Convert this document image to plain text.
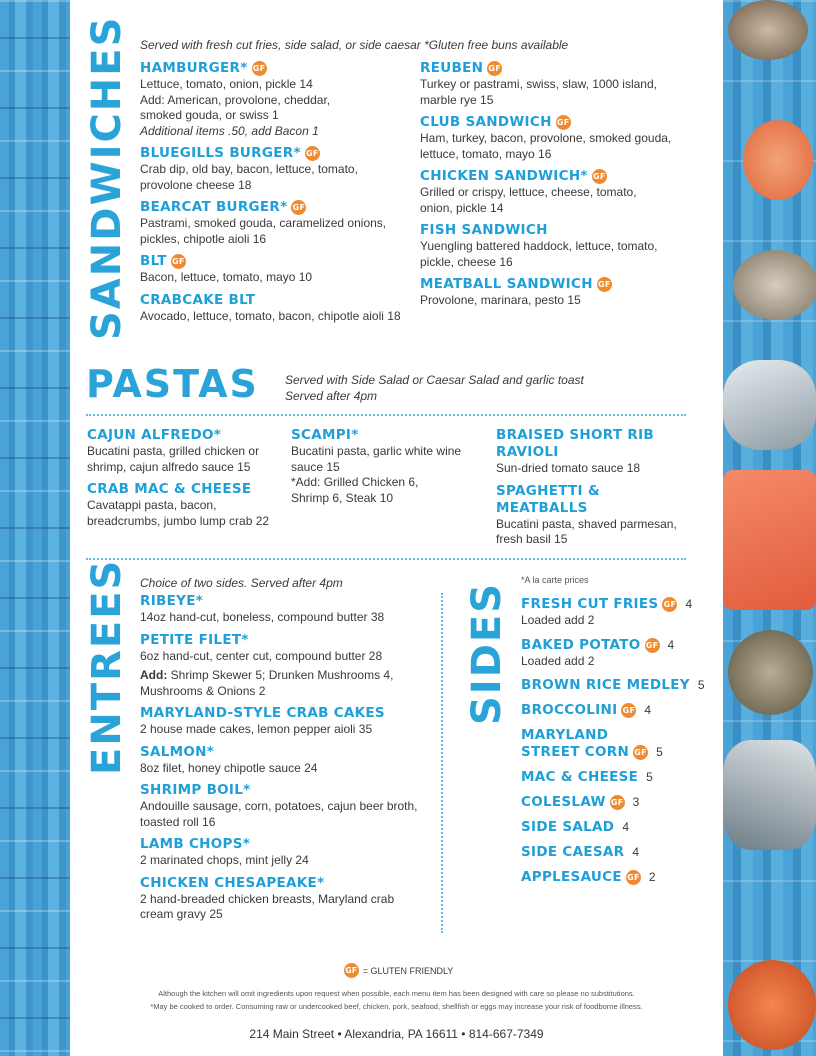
SANDWICHES Served with fresh cut fries, side salad, or side caesar *Gluten free buns available
HAMBURGER* GF
Lettuce, tomato, onion, pickle 14
Add: American, provolone, cheddar,
smoked gouda, or swiss 1
Additional items .50, add Bacon 1
BLUEGILLS BURGER* GF
Crab dip, old bay, bacon, lettuce, tomato,
provolone cheese 18
BEARCAT BURGER* GF
Pastrami, smoked gouda, caramelized onions,
pickles, chipotle aioli 16
BLT GF
Bacon, lettuce, tomato, mayo 10
CRABCAKE BLT
Avocado, lettuce, tomato, bacon, chipotle aioli 18
REUBEN GF
Turkey or pastrami, swiss, slaw, 1000 island,
marble rye 15
CLUB SANDWICH GF
Ham, turkey, bacon, provolone, smoked gouda,
lettuce, tomato, mayo 16
CHICKEN SANDWICH* GF
Grilled or crispy, lettuce, cheese, tomato,
onion, pickle 14
FISH SANDWICH
Yuengling battered haddock, lettuce, tomato,
pickle, cheese 16
MEATBALL SANDWICH GF
Provolone, marinara, pesto 15
PASTAS Served with Side Salad or Caesar Salad and garlic toast
Served after 4pm
CAJUN ALFREDO*
Bucatini pasta, grilled chicken or
shrimp, cajun alfredo sauce 15
CRAB MAC & CHEESE
Cavatappi pasta, bacon,
breadcrumbs, jumbo lump crab 22
SCAMPI*
Bucatini pasta, garlic white wine
sauce 15
*Add: Grilled Chicken 6,
Shrimp 6, Steak 10
BRAISED SHORT RIB RAVIOLI
Sun-dried tomato sauce 18
SPAGHETTI & MEATBALLS
Bucatini pasta, shaved parmesan,
fresh basil 15
ENTREES Choice of two sides. Served after 4pm
RIBEYE*
14oz hand-cut, boneless, compound butter 38
PETITE FILET*
6oz hand-cut, center cut, compound butter 28
Add: Shrimp Skewer 5; Drunken Mushrooms 4,
Mushrooms & Onions 2
MARYLAND-STYLE CRAB CAKES
2 house made cakes, lemon pepper aioli 35
SALMON*
8oz filet, honey chipotle sauce 24
SHRIMP BOIL*
Andouille sausage, corn, potatoes, cajun beer broth,
toasted roll 16
LAMB CHOPS*
2 marinated chops, mint jelly 24
CHICKEN CHESAPEAKE*
2 hand-breaded chicken breasts, Maryland crab
cream gravy 25
SIDES
*A la carte prices
FRESH CUT FRIES GF 4
Loaded add 2
BAKED POTATO GF 4
Loaded add 2
BROWN RICE MEDLEY 5
BROCCOLINI GF 4
MARYLAND
STREET CORN GF 5
MAC & CHEESE 5
COLESLAW GF 3
SIDE SALAD 4
SIDE CAESAR 4
APPLESAUCE GF 2
GF = GLUTEN FRIENDLY
Although the kitchen will omit ingredients upon request when possible, each menu item has been designed with care so please no substitutions.
*May be cooked to order. Consuming raw or undercooked beef, chicken, pork, seafood, shellfish or eggs may increase your risk of foodborne illness.
214 Main Street • Alexandria, PA 16611 • 814-667-7349
